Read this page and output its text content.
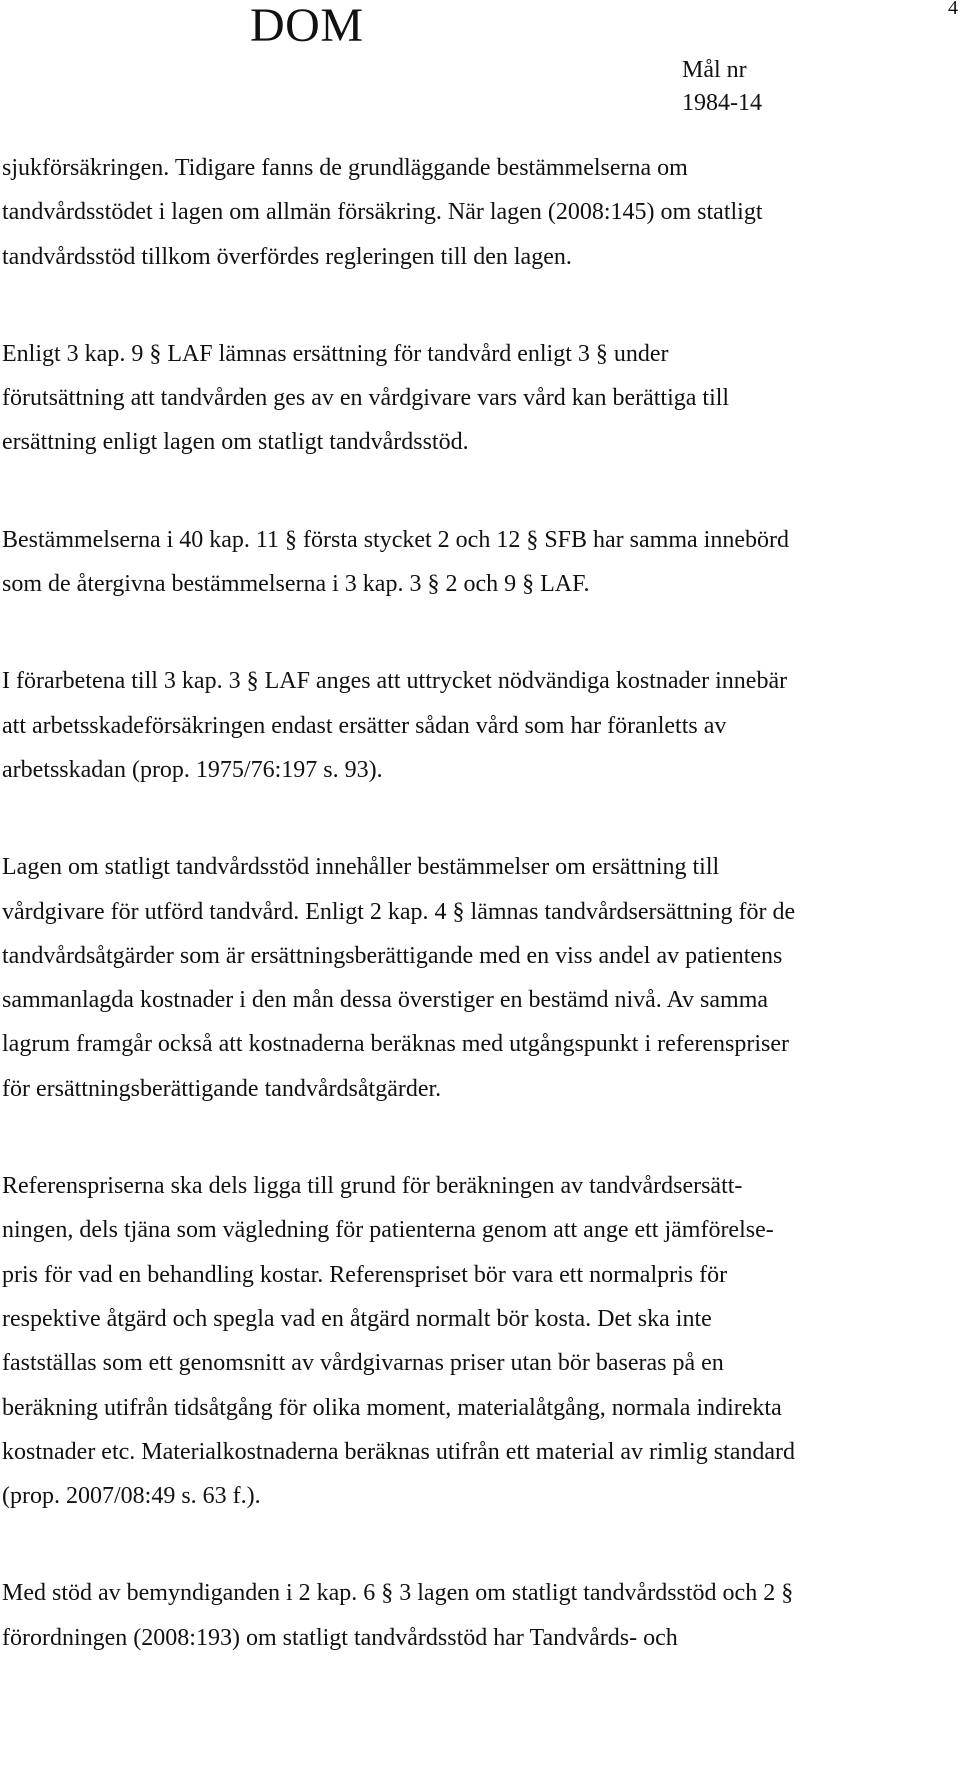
DOM	4
Mål nr
1984-14

sjukförsäkringen. Tidigare fanns de grundläggande bestämmelserna om
tandvårdsstödet i lagen om allmän försäkring. När lagen (2008:145) om statligt
tandvårdsstöd tillkom överfördes regleringen till den lagen.

Enligt 3 kap. 9 § LAF lämnas ersättning för tandvård enligt 3 § under
förutsättning att tandvården ges av en vårdgivare vars vård kan berättiga till
ersättning enligt lagen om statligt tandvårdsstöd.

Bestämmelserna i 40 kap. 11 § första stycket 2 och 12 § SFB har samma innebörd
som de återgivna bestämmelserna i 3 kap. 3 § 2 och 9 § LAF.

I förarbetena till 3 kap. 3 § LAF anges att uttrycket nödvändiga kostnader innebär
att arbetsskadeförsäkringen endast ersätter sådan vård som har föranletts av
arbetsskadan (prop. 1975/76:197 s. 93).

Lagen om statligt tandvårdsstöd innehåller bestämmelser om ersättning till
vårdgivare för utförd tandvård. Enligt 2 kap. 4 § lämnas tandvårdsersättning för de
tandvårdsåtgärder som är ersättningsberättigande med en viss andel av patientens
sammanlagda kostnader i den mån dessa överstiger en bestämd nivå. Av samma
lagrum framgår också att kostnaderna beräknas med utgångspunkt i referenspriser
för ersättningsberättigande tandvårdsåtgärder.

Referenspriserna ska dels ligga till grund för beräkningen av tandvårdsersätt-
ningen, dels tjäna som vägledning för patienterna genom att ange ett jämförelse-
pris för vad en behandling kostar. Referenspriset bör vara ett normalpris för
respektive åtgärd och spegla vad en åtgärd normalt bör kosta. Det ska inte
fastställas som ett genomsnitt av vårdgivarnas priser utan bör baseras på en
beräkning utifrån tidsåtgång för olika moment, materialåtgång, normala indirekta
kostnader etc. Materialkostnaderna beräknas utifrån ett material av rimlig standard
(prop. 2007/08:49 s. 63 f.).

Med stöd av bemyndiganden i 2 kap. 6 § 3 lagen om statligt tandvårdsstöd och 2 §
förordningen (2008:193) om statligt tandvårdsstöd har Tandvårds- och
